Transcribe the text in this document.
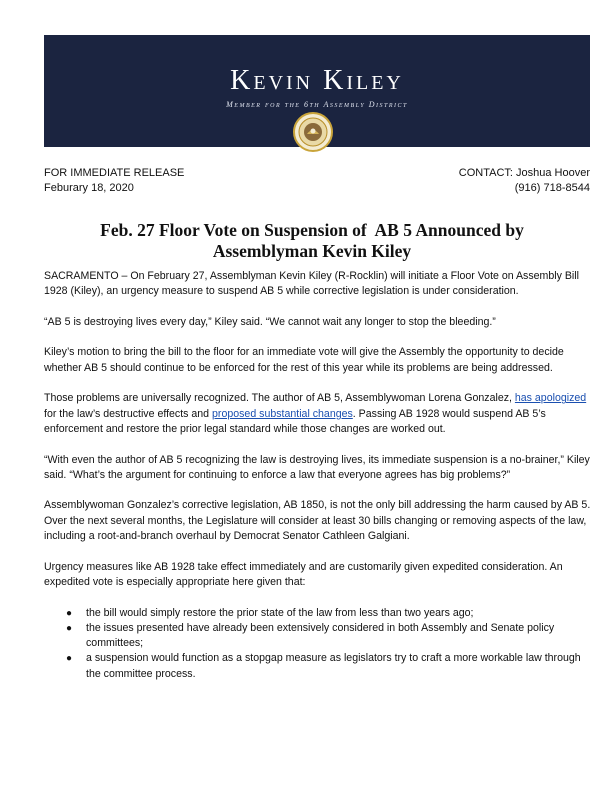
Kevin Kiley
Member for the 6th Assembly District
FOR IMMEDIATE RELEASE
Feburary 18, 2020
CONTACT: Joshua Hoover
(916) 718-8544
Feb. 27 Floor Vote on Suspension of  AB 5 Announced by
Assemblyman Kevin Kiley

SACRAMENTO – On February 27, Assemblyman Kevin Kiley (R-Rocklin) will initiate a Floor Vote on Assembly Bill 1928 (Kiley), an urgency measure to suspend AB 5 while corrective legislation is under consideration.

“AB 5 is destroying lives every day,” Kiley said. “We cannot wait any longer to stop the bleeding.”

Kiley’s motion to bring the bill to the floor for an immediate vote will give the Assembly the opportunity to decide whether AB 5 should continue to be enforced for the rest of this year while its problems are being addressed.

Those problems are universally recognized. The author of AB 5, Assemblywoman Lorena Gonzalez, has apologized for the law’s destructive effects and proposed substantial changes. Passing AB 1928 would suspend AB 5’s enforcement and restore the prior legal standard while those changes are worked out.

“With even the author of AB 5 recognizing the law is destroying lives, its immediate suspension is a no-brainer,” Kiley said. “What’s the argument for continuing to enforce a law that everyone agrees has big problems?”

Assemblywoman Gonzalez’s corrective legislation, AB 1850, is not the only bill addressing the harm caused by AB 5. Over the next several months, the Legislature will consider at least 30 bills changing or removing aspects of the law, including a root-and-branch overhaul by Democrat Senator Cathleen Galgiani.

Urgency measures like AB 1928 take effect immediately and are customarily given expedited consideration. An expedited vote is especially appropriate here given that:

● the bill would simply restore the prior state of the law from less than two years ago;
● the issues presented have already been extensively considered in both Assembly and Senate policy committees;
● a suspension would function as a stopgap measure as legislators try to craft a more workable law through the committee process.
